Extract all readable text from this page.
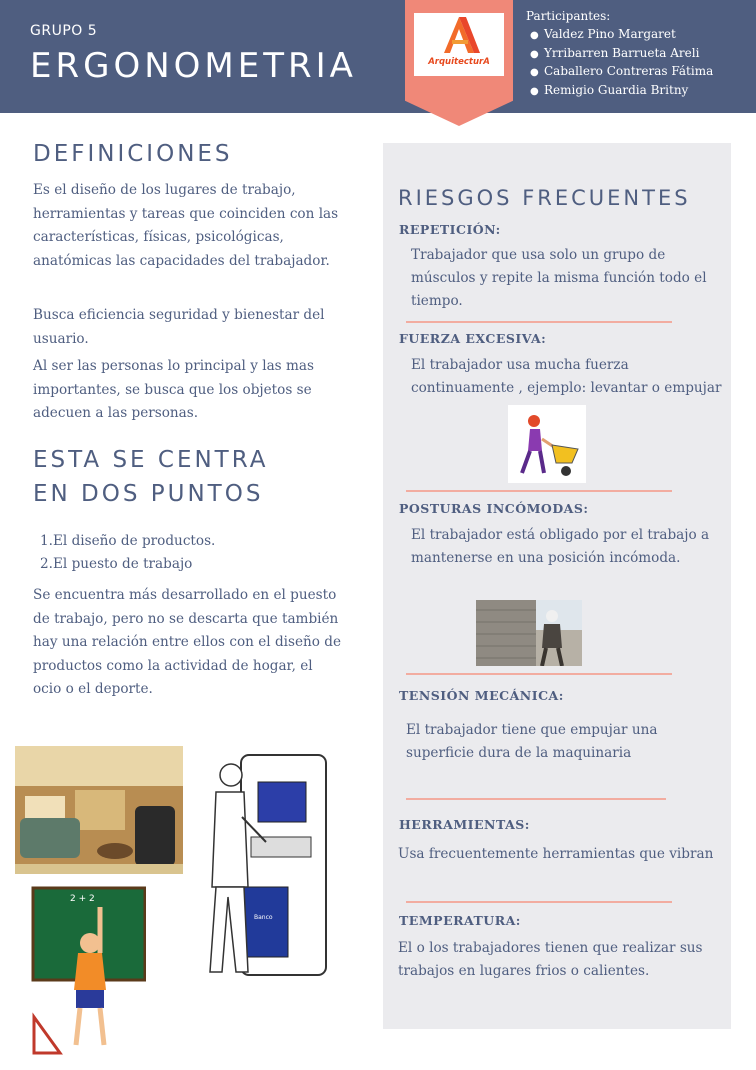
GRUPO 5
ERGONOMETRIA	ArquitecturA
Participantes:
● Valdez Pino Margaret
● Yrribarren Barrueta Areli
● Caballero Contreras Fátima
● Remigio Guardia Britny
DEFINICIONES

Es el diseño de los lugares de trabajo, herramientas y tareas que coinciden con las características, físicas, psicológicas, anatómicas las capacidades del trabajador.

Busca eficiencia seguridad y bienestar del usuario.

Al ser las personas lo principal y las mas importantes, se busca que los objetos se adecuen a las personas.

ESTA SE CENTRA
EN DOS PUNTOS
1.El diseño de productos.
2.El puesto de trabajo

Se encuentra más desarrollado en el puesto de trabajo, pero no se descarta que también hay una relación entre ellos con el diseño de productos como la actividad de hogar, el ocio o el deporte.

Banco
2 + 2
RIESGOS FRECUENTES
REPETICIÓN:

Trabajador que usa solo un grupo de músculos y repite la misma función todo el tiempo.

FUERZA EXCESIVA:

El trabajador usa mucha fuerza continuamente , ejemplo: levantar o empujar

POSTURAS INCÓMODAS:

El trabajador está obligado por el trabajo a mantenerse en una posición incómoda.

TENSIÓN MECÁNICA:

El trabajador tiene que empujar una superficie dura de la maquinaria

HERRAMIENTAS:

Usa frecuentemente herramientas que vibran

TEMPERATURA:

El o los trabajadores tienen que realizar sus trabajos en lugares frios o calientes.
